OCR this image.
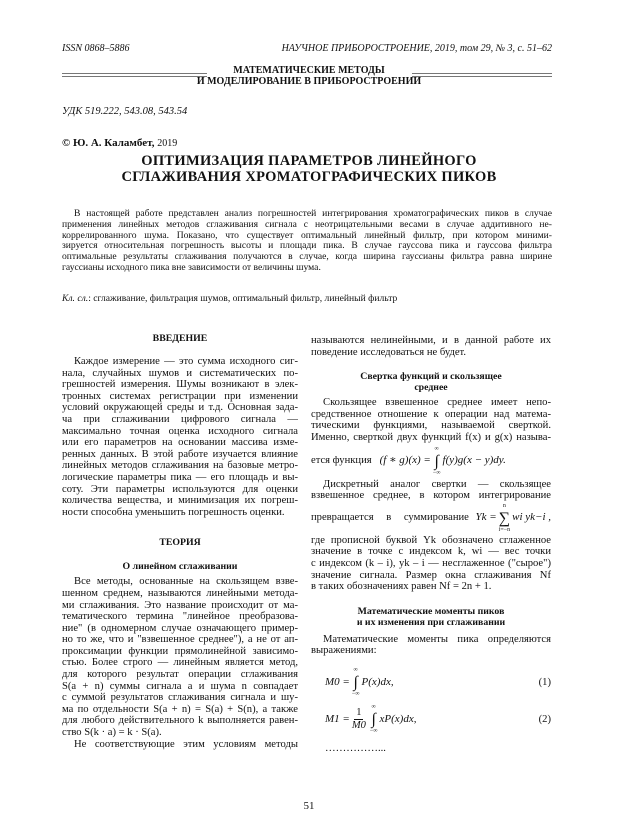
ISSN 0868–5886	НАУЧНОЕ ПРИБОРОСТРОЕНИЕ, 2019, том 29, № 3, с. 51–62
МАТЕМАТИЧЕСКИЕ МЕТОДЫ
И МОДЕЛИРОВАНИЕ В ПРИБОРОСТРОЕНИИ
УДК 519.222, 543.08, 543.54
© Ю. А. Каламбет, 2019
ОПТИМИЗАЦИЯ ПАРАМЕТРОВ ЛИНЕЙНОГО
СГЛАЖИВАНИЯ ХРОМАТОГРАФИЧЕСКИХ ПИКОВ
В настоящей работе представлен анализ погрешностей интегрирования хроматографических пиков в случае
применения линейных методов сглаживания сигнала с неотрицательными весами в случае аддитивного не-
коррелированного шума. Показано, что существует оптимальный линейный фильтр, при котором миними-
зируется относительная погрешность высоты и площади пика. В случае гауссова пика и гауссова фильтра
оптимальные результаты сглаживания получаются в случае, когда ширина гауссианы фильтра равна ширине
гауссианы исходного пика вне зависимости от величины шума.
Кл. сл.: сглаживание, фильтрация шумов, оптимальный фильтр, линейный фильтр
ВВЕДЕНИЕ
Каждое измерение — это сумма исходного сиг-
нала, случайных шумов и систематических по-
грешностей измерения. Шумы возникают в элек-
тронных системах регистрации при изменении
условий окружающей среды и т.д. Основная зада-
ча при сглаживании цифрового сигнала —
максимально точная оценка исходного сигнала
или его параметров на основании массива изме-
ренных данных. В этой работе изучается влияние
линейных методов сглаживания на базовые метро-
логические параметры пика — его площадь и вы-
соту. Эти параметры используются для оценки
количества вещества, и минимизация их погреш-
ности способна уменьшить погрешность оценки.
ТЕОРИЯ
О линейном сглаживании
Все методы, основанные на скользящем взве-
шенном среднем, называются линейными метода-
ми сглаживания. Это название происходит от ма-
тематического термина "линейное преобразова-
ние" (в одномерном случае означающего пример-
но то же, что и "взвешенное среднее"), а не от ап-
проксимации функции прямолинейной зависимо-
стью. Более строго — линейным является метод,
для которого результат операции сглаживания
S(a + n) суммы сигнала a и шума n совпадает
с суммой результатов сглаживания сигнала и шу-
ма по отдельности S(a + n) = S(a) + S(n), а также
для любого действительного k выполняется равен-
ство S(k · a) = k · S(a).
Не соответствующие этим условиям методы
называются нелинейными, и в данной работе их
поведение исследоваться не будет.
Свертка функций и скользящее
среднее
Скользящее взвешенное среднее имеет непо-
средственное отношение к операции над матема-
тическими функциями, называемой сверткой.
Именно, сверткой двух функций f(x) и g(x) называ-
ется функция (f ∗ g)(x) =
∞
∫
−∞
f(y)g(x − y)dy.
Дискретный аналог свертки — скользящее
взвешенное среднее, в котором интегрирование
превращается в суммирование Yk =
n
∑
i=−n
wi yk−i ,
где прописной буквой Yk обозначено сглаженное
значение в точке с индексом k, wi — вес точки
с индексом (k – i), yk – i — несглаженное ("сырое")
значение сигнала. Размер окна сглаживания Nf
в таких обозначениях равен Nf = 2n + 1.
Математические моменты пиков
и их изменения при сглаживании
Математические моменты пика определяются
выражениями:
M0 =
∞
∫
−∞
P(x)dx,	(1)
$M1 = \frac{1}{M0}$ ∞
∫
−∞
xP(x)dx,	(2)
……………...
51
